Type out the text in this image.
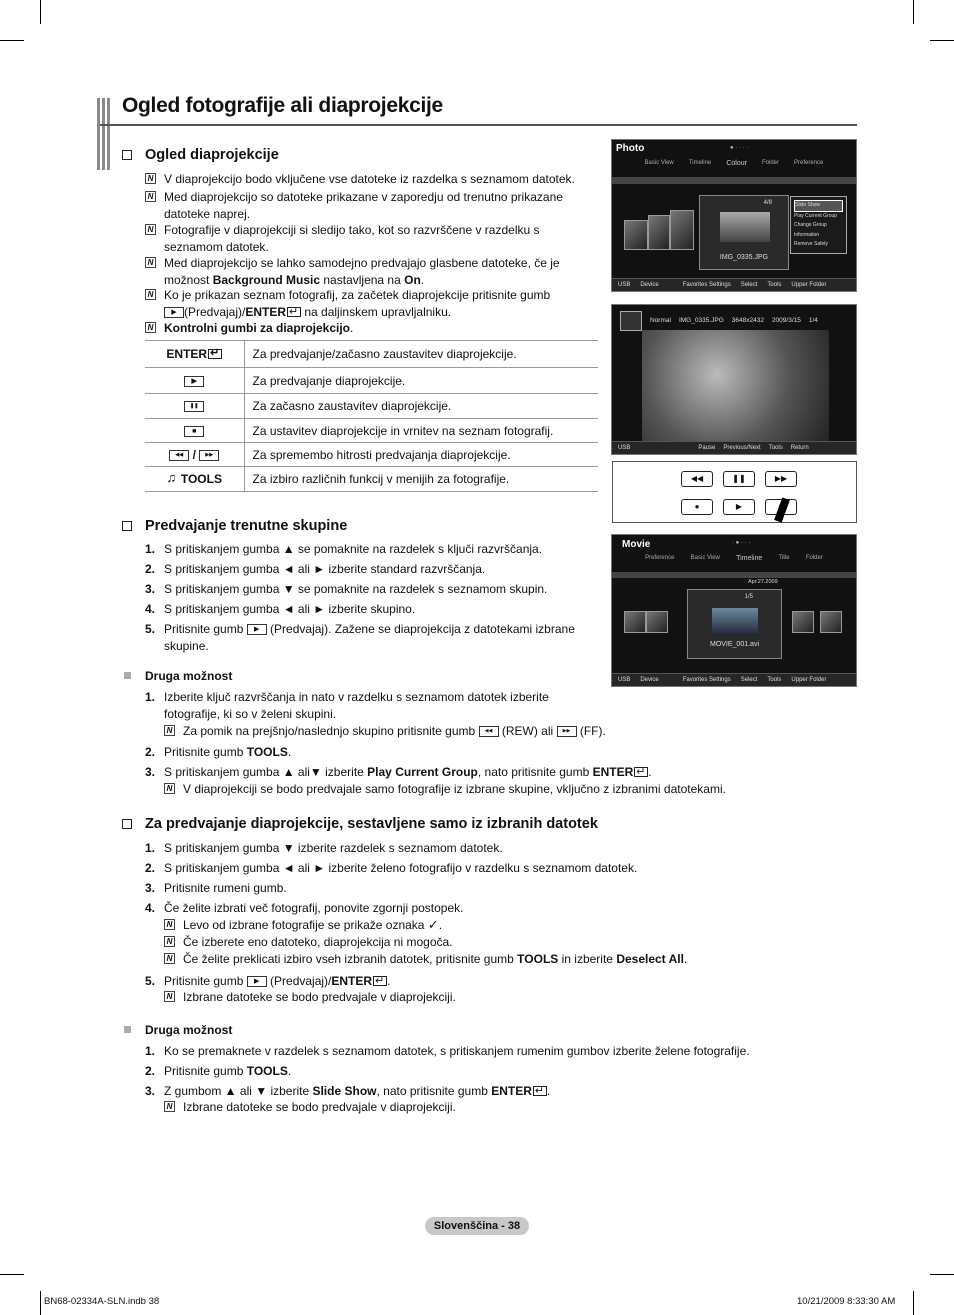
Ogled fotografije ali diaprojekcije
Ogled diaprojekcije
N V diaprojekcijo bodo vključene vse datoteke iz razdelka s seznamom datotek.
N Med diaprojekcijo so datoteke prikazane v zaporedju od trenutno prikazane datoteke naprej.
N Fotografije v diaprojekciji si sledijo tako, kot so razvrščene v razdelku s seznamom datotek.
N Med diaprojekcijo se lahko samodejno predvajajo glasbene datoteke, če je možnost Background Music nastavljena na On.
N Ko je prikazan seznam fotografij, za začetek diaprojekcije pritisnite gumb
▶(Predvajaj)/ENTER↵ na daljinskem upravljalniku.
N Kontrolni gumbi za diaprojekcijo.
ENTER↵	Za predvajanje/začasno zaustavitev diaprojekcije.
▶	Za predvajanje diaprojekcije.
❚❚	Za začasno zaustavitev diaprojekcije.
■	Za ustavitev diaprojekcije in vrnitev na seznam fotografij.
◀◀ / ▶▶	Za spremembo hitrosti predvajanja diaprojekcije.
♫ TOOLS	Za izbiro različnih funkcij v menijih za fotografije.
Predvajanje trenutne skupine
1. S pritiskanjem gumba ▲ se pomaknite na razdelek s ključi razvrščanja.
2. S pritiskanjem gumba ◄ ali ► izberite standard razvrščanja.
3. S pritiskanjem gumba ▼ se pomaknite na razdelek s seznamom skupin.
4. S pritiskanjem gumba ◄ ali ► izberite skupino.
5. Pritisnite gumb ▶ (Predvajaj). Zažene se diaprojekcija z datotekami izbrane skupine.
Druga možnost
1. Izberite ključ razvrščanja in nato v razdelku s seznamom datotek izberite fotografije, ki so v želeni skupini.
N Za pomik na prejšnjo/naslednjo skupino pritisnite gumb ◀◀ (REW) ali ▶▶ (FF).
2. Pritisnite gumb TOOLS.
3. S pritiskanjem gumba ▲ ali▼ izberite Play Current Group, nato pritisnite gumb ENTER ↵ .
N V diaprojekciji se bodo predvajale samo fotografije iz izbrane skupine, vključno z izbranimi datotekami.
Za predvajanje diaprojekcije, sestavljene samo iz izbranih datotek
1. S pritiskanjem gumba ▼ izberite razdelek s seznamom datotek.
2. S pritiskanjem gumba ◄ ali ► izberite želeno fotografijo v razdelku s seznamom datotek.
3. Pritisnite rumeni gumb.
4. Če želite izbrati več fotografij, ponovite zgornji postopek.
N Levo od izbrane fotografije se prikaže oznaka ✓.
N Če izberete eno datoteko, diaprojekcija ni mogoča.
N Če želite preklicati izbiro vseh izbranih datotek, pritisnite gumb TOOLS in izberite Deselect All.
5. Pritisnite gumb ▶ (Predvajaj)/ENTER ↵ .
N Izbrane datoteke se bodo predvajale v diaprojekciji.
Druga možnost
1. Ko se premaknete v razdelek s seznamom datotek, s pritiskanjem rumenim gumbov izberite želene fotografije.
2. Pritisnite gumb TOOLS.
3. Z gumbom ▲ ali ▼ izberite Slide Show, nato pritisnite gumb ENTER ↵ .
N Izbrane datoteke se bodo predvajale v diaprojekciji.
Photo	● · · · ·
Basic View	Timeline Colour	Folder	Preference
4/8
IMG_0335.JPG
Slide Show
Play Current Group
Change Group
Information
Remove Safely
USB Device	Favorites Settings Select Tools Upper Folder
Normal IMG_0335.JPG 3648x2432 2009/3/15 1/4
USB	Pause Previous/Next Tools Return
◀◀	❚❚	▶▶
●	▶
Movie	· ● · · ·
Preference	Basic View Timeline	Title	Folder
Apr.27.2009
1/5
MOVIE_001.avi
USB Device	Favorites Settings Select Tools Upper Folder
Slovenščina - 38
BN68-02334A-SLN.indb 38	10/21/2009 8:33:30 AM
